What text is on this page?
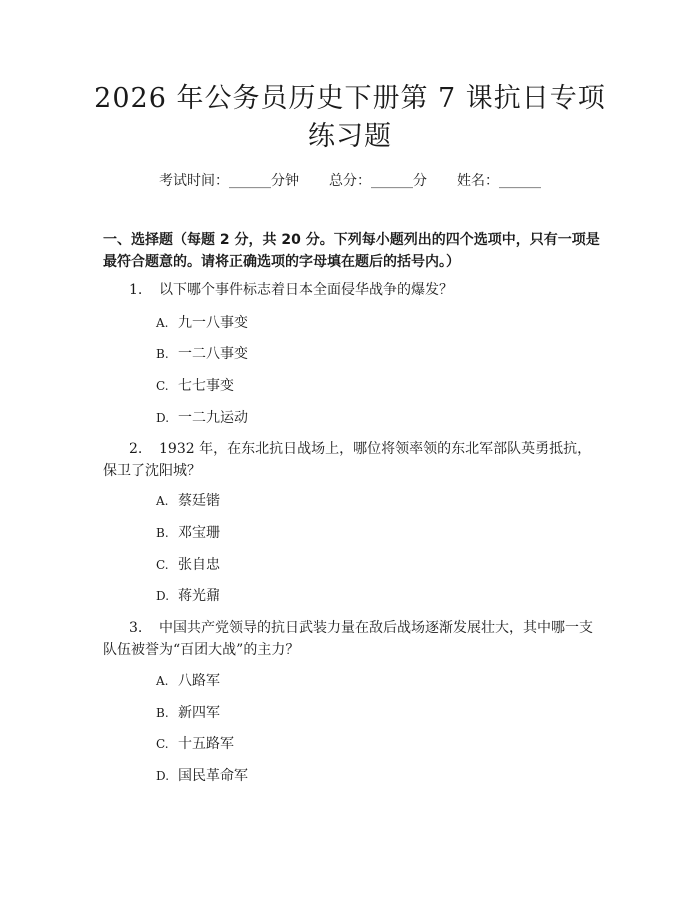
2026 年公务员历史下册第 7 课抗日专项练习题
考试时间：______分钟 总分：______分 姓名：______
一、选择题（每题 2 分，共 20 分。下列每小题列出的四个选项中，只有一项是最符合题意的。请将正确选项的字母填在题后的括号内。）
1. 以下哪个事件标志着日本全面侵华战争的爆发？
A. 九一八事变
B. 一二八事变
C. 七七事变
D. 一二九运动
2. 1932 年，在东北抗日战场上，哪位将领率领的东北军部队英勇抵抗，保卫了沈阳城？
A. 蔡廷锴
B. 邓宝珊
C. 张自忠
D. 蒋光鼐
3. 中国共产党领导的抗日武装力量在敌后战场逐渐发展壮大，其中哪一支队伍被誉为“百团大战”的主力？
A. 八路军
B. 新四军
C. 十五路军
D. 国民革命军
